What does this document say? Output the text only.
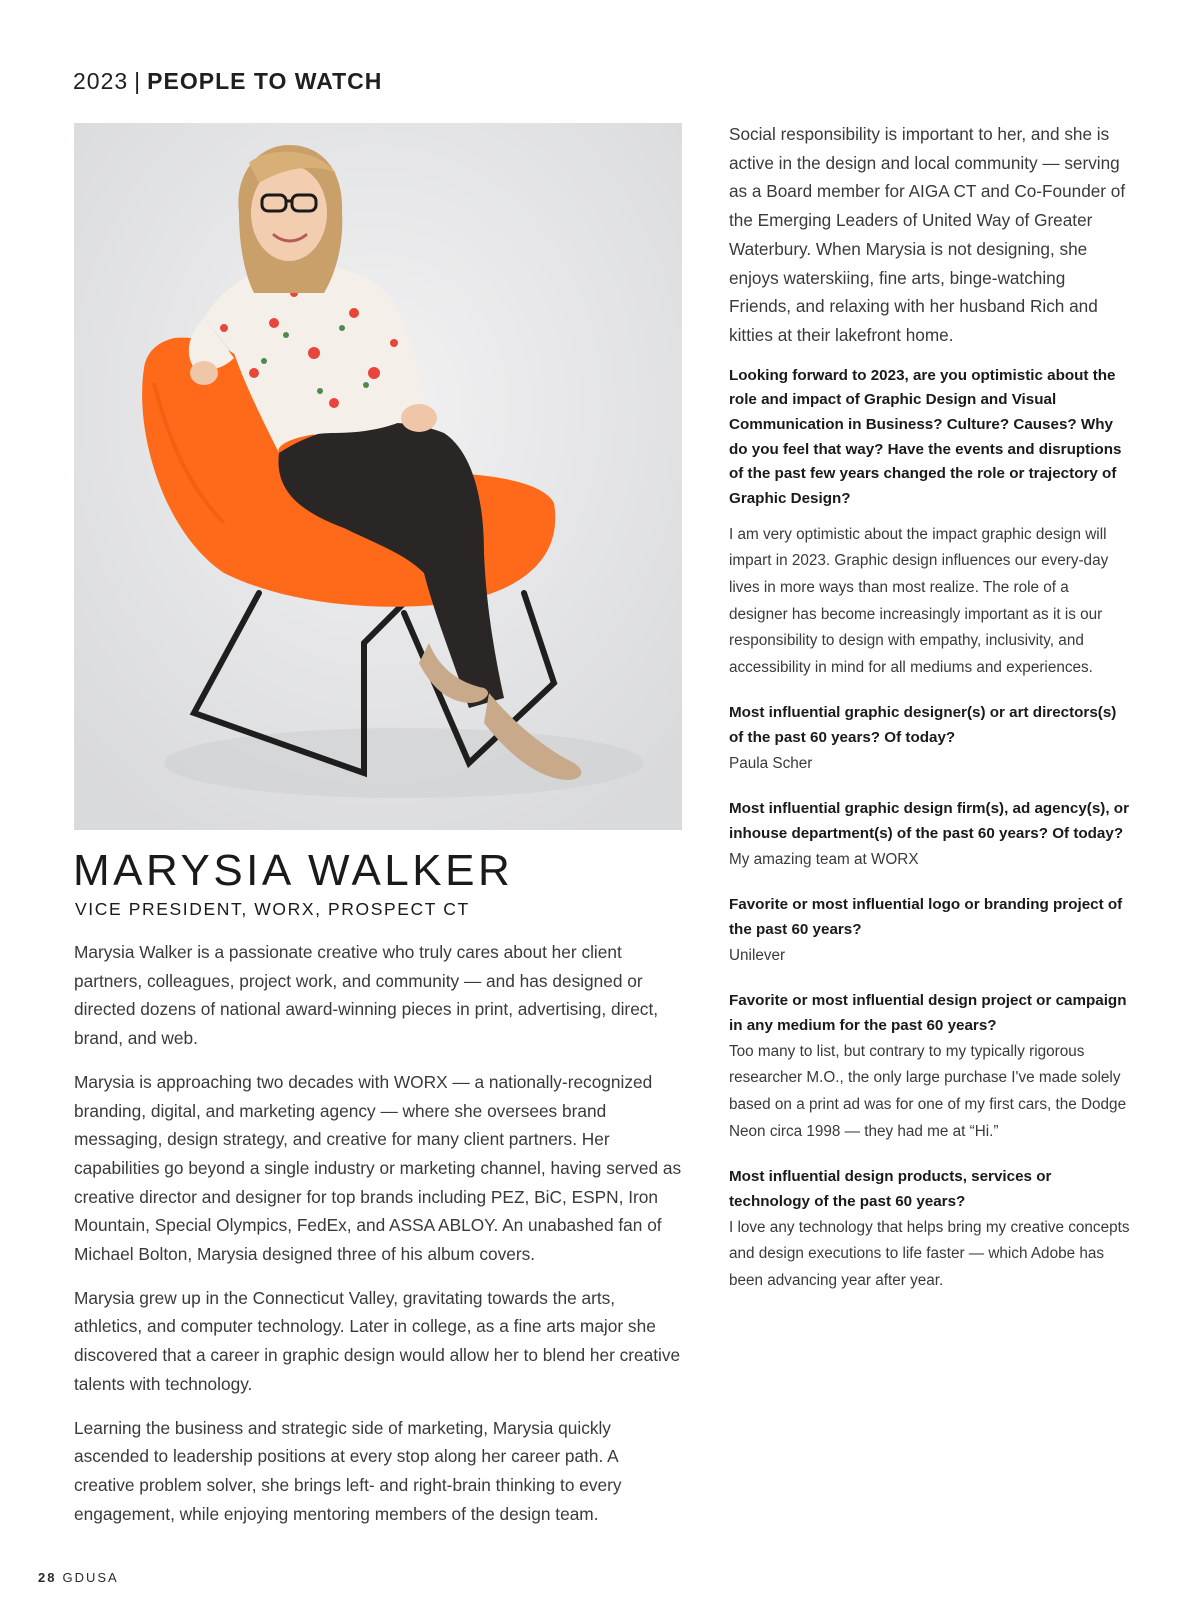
2023 | PEOPLE TO WATCH
MARYSIA WALKER
VICE PRESIDENT, WORX, PROSPECT CT

Marysia Walker is a passionate creative who truly cares about her client partners, colleagues, project work, and community — and has designed or directed dozens of national award-winning pieces in print, advertising, direct, brand, and web.

Marysia is approaching two decades with WORX — a nationally-recognized branding, digital, and marketing agency — where she oversees brand messaging, design strategy, and creative for many client partners. Her capabilities go beyond a single industry or marketing channel, having served as creative director and designer for top brands including PEZ, BiC, ESPN, Iron Mountain, Special Olympics, FedEx, and ASSA ABLOY. An unabashed fan of Michael Bolton, Marysia designed three of his album covers.

Marysia grew up in the Connecticut Valley, gravitating towards the arts, athletics, and computer technology. Later in college, as a fine arts major she discovered that a career in graphic design would allow her to blend her creative talents with technology.

Learning the business and strategic side of marketing, Marysia quickly ascended to leadership positions at every stop along her career path. A creative problem solver, she brings left- and right-brain thinking to every engagement, while enjoying mentoring members of the design team.

Social responsibility is important to her, and she is active in the design and local community — serving as a Board member for AIGA CT and Co-Founder of the Emerging Leaders of United Way of Greater Waterbury. When Marysia is not designing, she enjoys waterskiing, fine arts, binge-watching Friends, and relaxing with her husband Rich and kitties at their lakefront home.

Looking forward to 2023, are you optimistic about the role and impact of Graphic Design and Visual Communication in Business? Culture? Causes? Why do you feel that way? Have the events and disruptions of the past few years changed the role or trajectory of Graphic Design?

I am very optimistic about the impact graphic design will impart in 2023. Graphic design influences our every-day lives in more ways than most realize. The role of a designer has become increasingly important as it is our responsibility to design with empathy, inclusivity, and accessibility in mind for all mediums and experiences.

Most influential graphic designer(s) or art directors(s) of the past 60 years? Of today?

Paula Scher

Most influential graphic design firm(s), ad agency(s), or inhouse department(s) of the past 60 years? Of today?

My amazing team at WORX

Favorite or most influential logo or branding project of the past 60 years?

Unilever

Favorite or most influential design project or campaign in any medium for the past 60 years?

Too many to list, but contrary to my typically rigorous researcher M.O., the only large purchase I've made solely based on a print ad was for one of my first cars, the Dodge Neon circa 1998 — they had me at “Hi.”

Most influential design products, services or technology of the past 60 years?

I love any technology that helps bring my creative concepts and design executions to life faster — which Adobe has been advancing year after year.

28 GDUSA
